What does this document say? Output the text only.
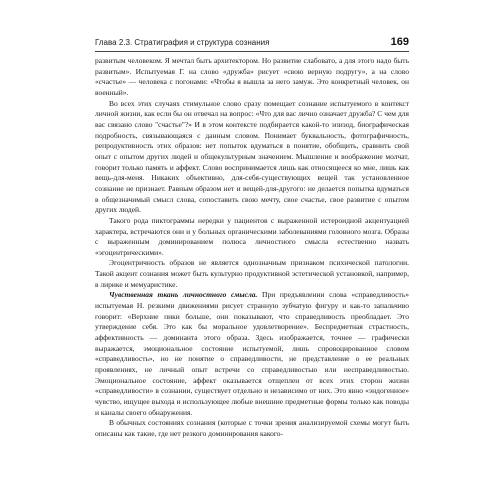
Глава 2.3. Стратиграфия и структура сознания	169

развитым человеком. Я мечтал быть архитектором. Но развитие слабовато, а для этого надо быть развитым». Испытуемая Г. на слово «дружба» рисует «свою верную подругу», а на слово «счастье» — человека с погонами: «Чтобы я вышла за него замуж. Это конкретный человек, он военный».

Во всех этих случаях стимульное слово сразу помещает сознание испытуемого в контекст личной жизни, как если бы он отвечал на вопрос: «Что для вас лично означает дружба? С чем для вас связано слово "счастье"?» И в этом контексте подбирается какой-то эпизод, биографическая подробность, связывающаяся с данным словом. Понимает буквальность, фотографичность, репродуктивность этих образов: нет попыток вдуматься в понятие, обобщить, сравнить свой опыт с опытом других людей и общекультурным значением. Мышление и воображение молчат, говорит только память и аффект. Слово воспринимается лишь как относящееся ко мне, лишь как вещь-для-меня. Никаких объективно, для-себя-существующих вещей так установленное сознание не признает. Равным образом нет и вещей-для-другого: не делается попытка вдуматься в общезначимый смысл слова, сопоставить свою мечту, свое счастье, свое развитие с опытом других людей.

Такого рода пиктограммы нередки у пациентов с выраженной истероидной акцентуацией характера, встречаются они и у больных органическими заболеваниями головного мозга. Образы с выраженным доминированием полюса личностного смысла естественно назвать «эгоцентрическими».

Эгоцентричность образов не является однозначным признаком психической патологии. Такой акцент сознания может быть культурно продуктивной эстетической установкой, например, в лирике и мемуаристике.

Чувственная ткань личностного смысла. При предъявлении слова «справедливость» испытуемая Н. резкими движениями рисует странную зубчатую фигуру и как-то запальчиво говорит: «Верхние пики больше, они показывают, что справедливость преобладает. Это утверждение себя. Это как бы моральное удовлетворение». Беспредметная страстность, аффективность — доминанта этого образа. Здесь изображается, точнее — графически выражается, эмоциональное состояние испытуемой, лишь спровоцированное словом «справедливость», но не понятие о справедливости, не представление о ее реальных проявлениях, не личный опыт встречи со справедливостью или несправедливостью. Эмоциональное состояние, аффект оказывается отщеплен от всех этих сторон жизни «справедливости» в сознании, существует отдельно и независимо от них. Это явно «эндогенное» чувство, ищущее выхода и использующее любые внешние предметные формы только как поводы и каналы своего обнаружения.

В обычных состояниях сознания (которые с точки зрения анализируемой схемы могут быть описаны как такие, где нет резкого доминирования какого-
